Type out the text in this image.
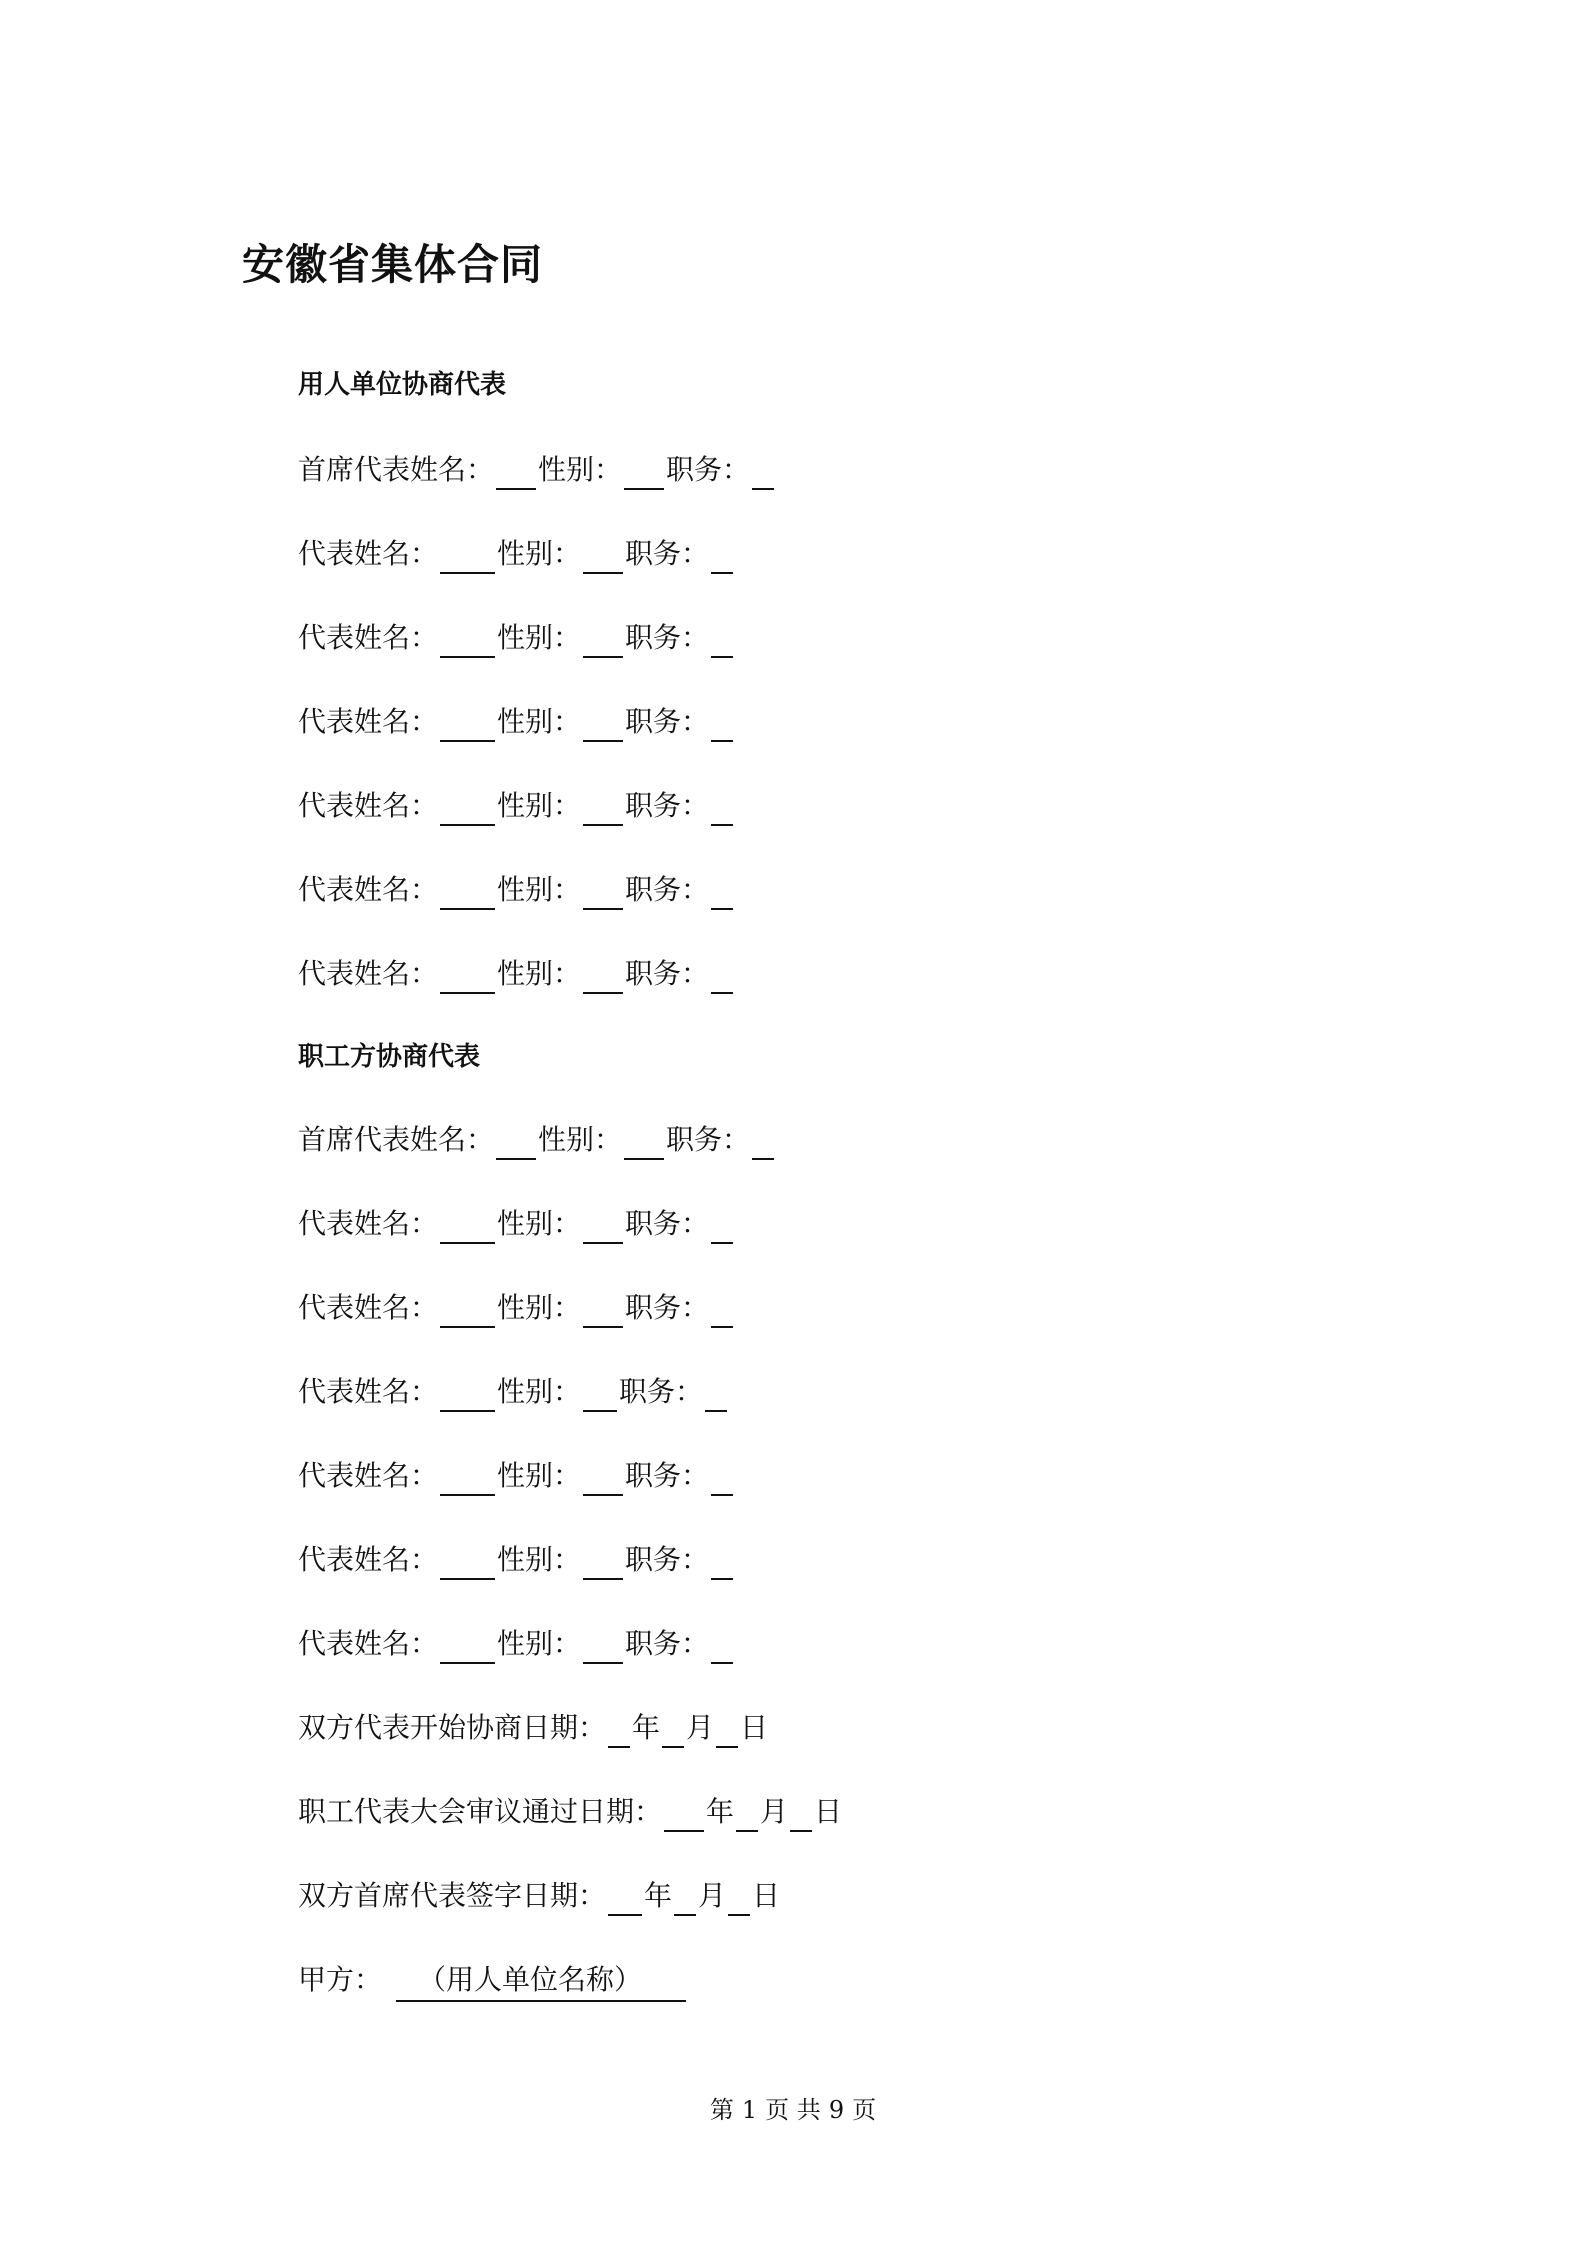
安徽省集体合同
用人单位协商代表
首席代表姓名： 性别： 职务：
代表姓名： 性别： 职务：
代表姓名： 性别： 职务：
代表姓名： 性别： 职务：
代表姓名： 性别： 职务：
代表姓名： 性别： 职务：
代表姓名： 性别： 职务：
职工方协商代表
首席代表姓名： 性别： 职务：
代表姓名： 性别： 职务：
代表姓名： 性别： 职务：
代表姓名： 性别： 职务：
代表姓名： 性别： 职务：
代表姓名： 性别： 职务：
代表姓名： 性别： 职务：
双方代表开始协商日期： 年 月 日
职工代表大会审议通过日期： 年 月 日
双方首席代表签字日期： 年 月 日
甲方： （用人单位名称）
第 1 页 共 9 页
